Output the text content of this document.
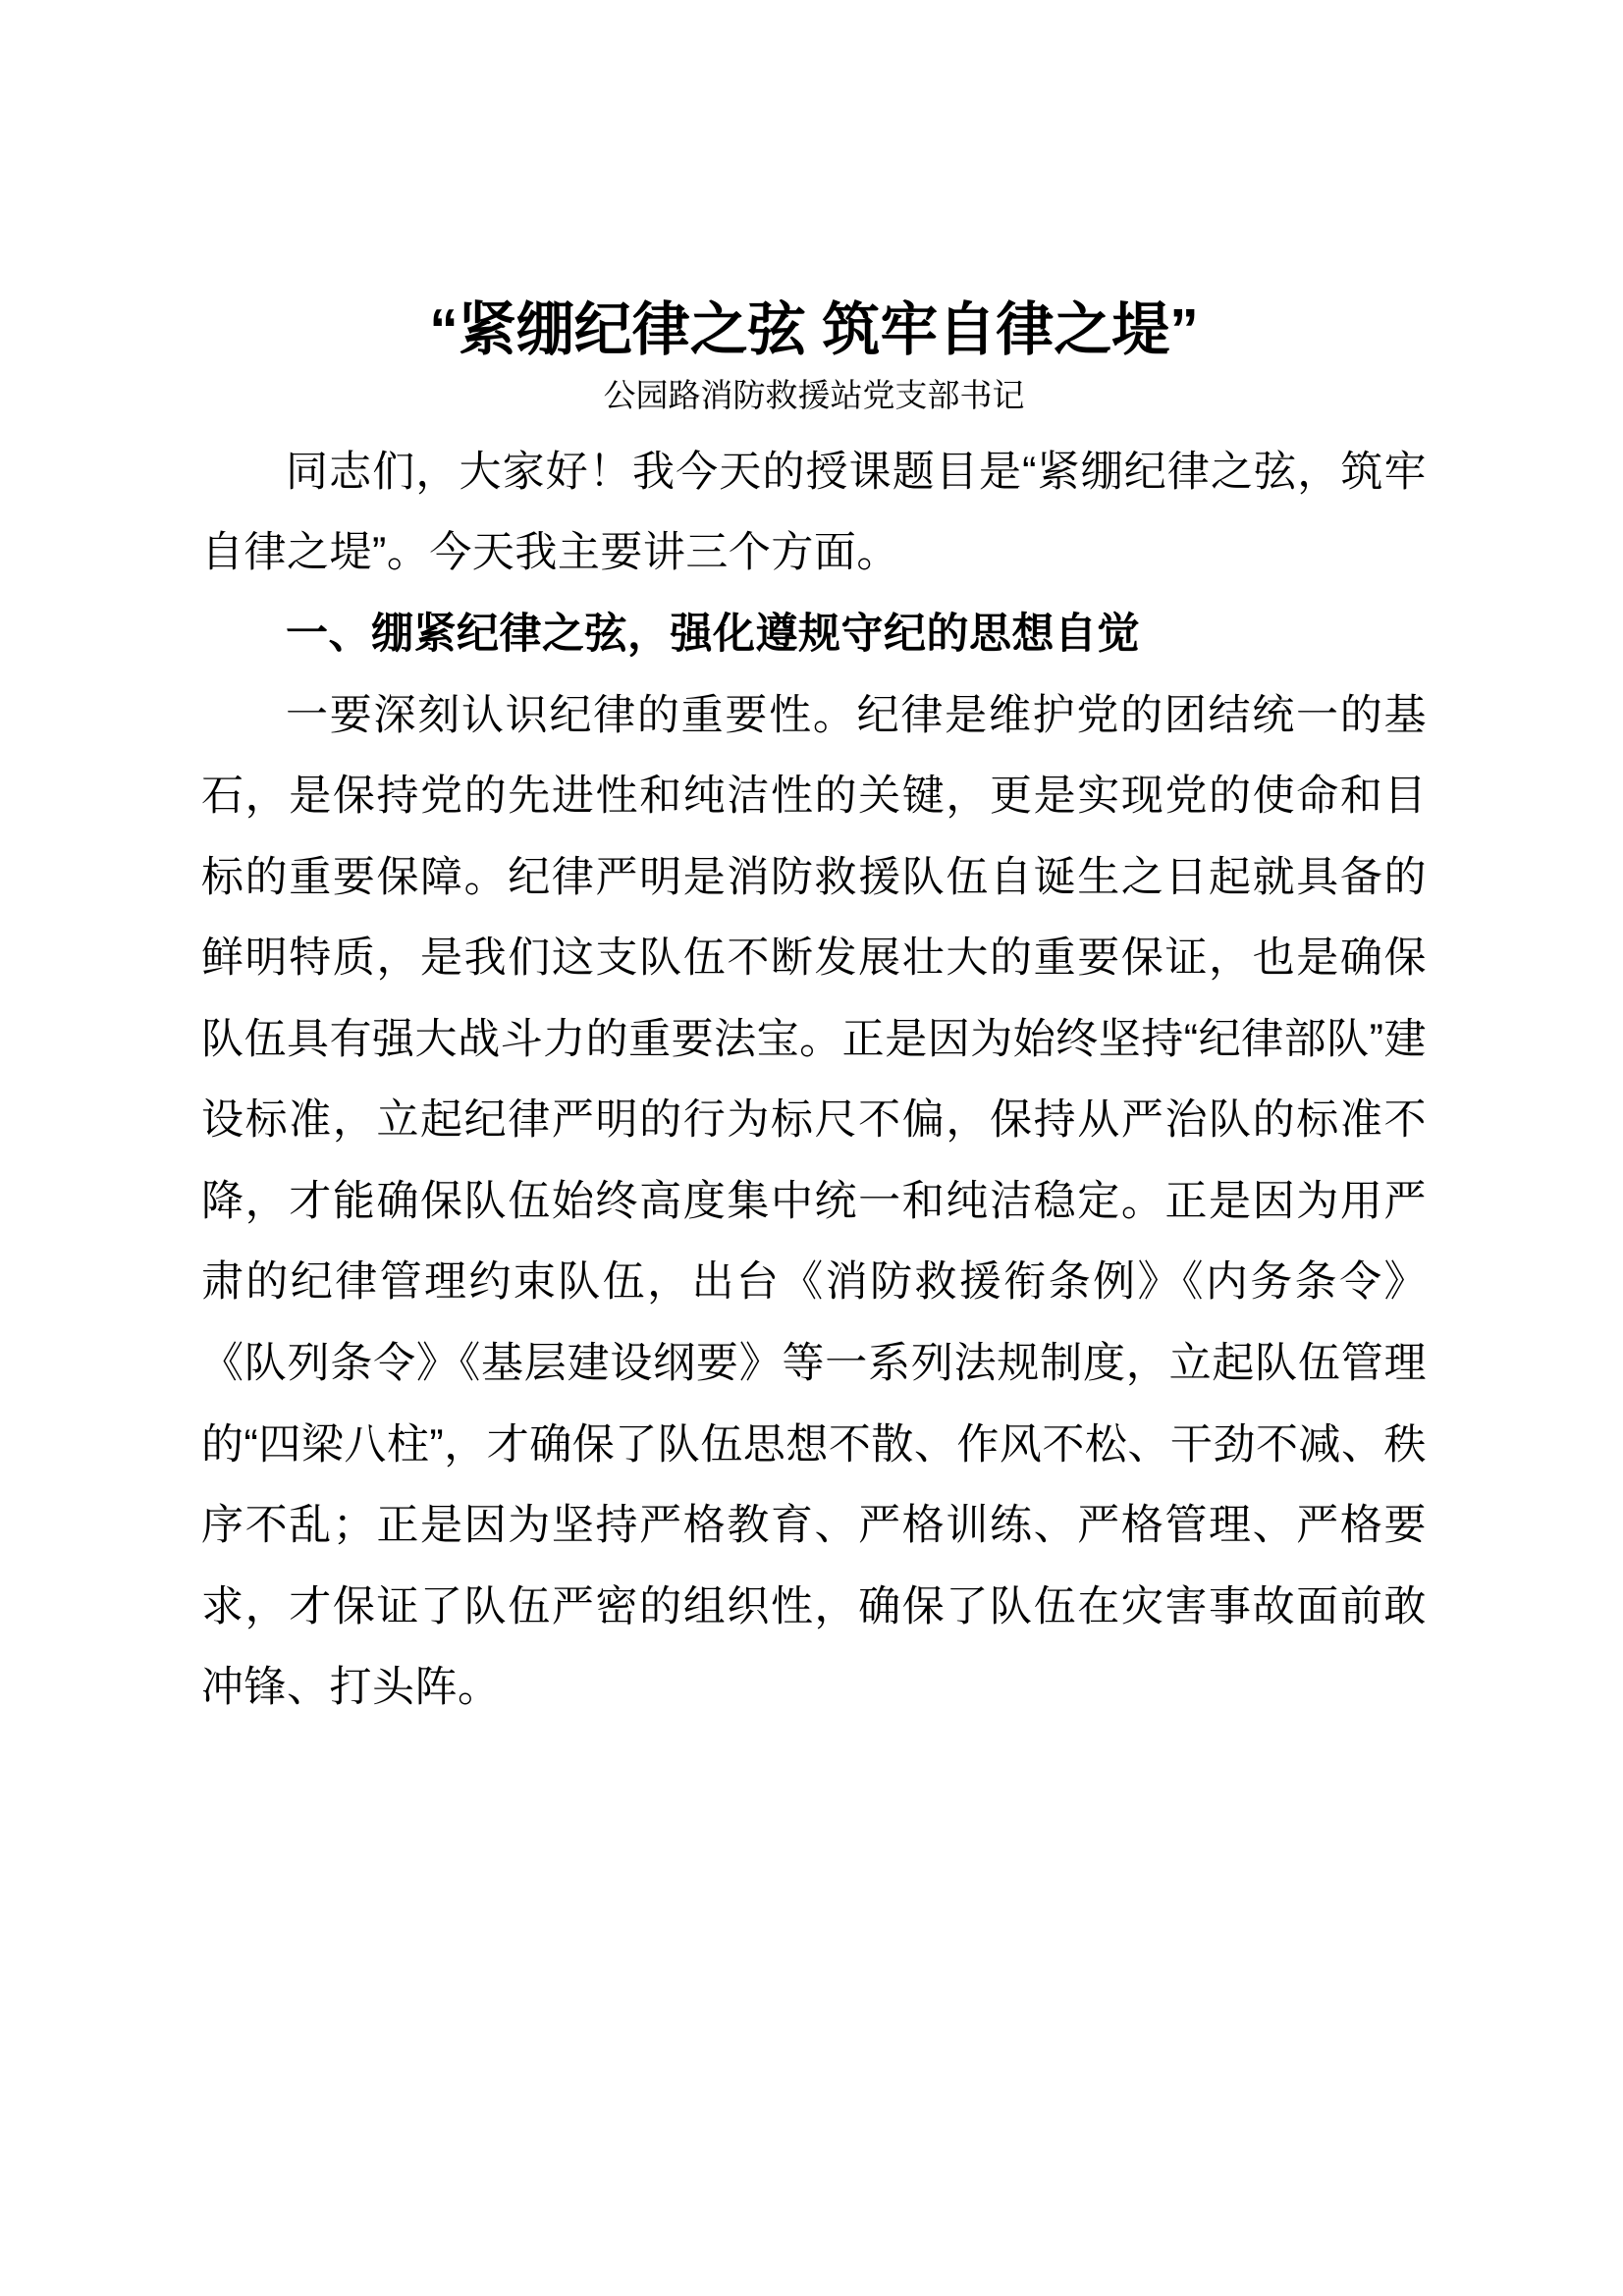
“紧绷纪律之弦 筑牢自律之堤”
公园路消防救援站党支部书记

同志们，大家好！我今天的授课题目是“紧绷纪律之弦，筑牢自律之堤”。今天我主要讲三个方面。

一、绷紧纪律之弦，强化遵规守纪的思想自觉

一要深刻认识纪律的重要性。纪律是维护党的团结统一的基石，是保持党的先进性和纯洁性的关键，更是实现党的使命和目标的重要保障。纪律严明是消防救援队伍自诞生之日起就具备的鲜明特质，是我们这支队伍不断发展壮大的重要保证，也是确保队伍具有强大战斗力的重要法宝。正是因为始终坚持“纪律部队”建设标准，立起纪律严明的行为标尺不偏，保持从严治队的标准不降，才能确保队伍始终高度集中统一和纯洁稳定。正是因为用严肃的纪律管理约束队伍，出台《消防救援衔条例》《内务条令》《队列条令》《基层建设纲要》等一系列法规制度，立起队伍管理的“四梁八柱”，才确保了队伍思想不散、作风不松、干劲不减、秩序不乱；正是因为坚持严格教育、严格训练、严格管理、严格要求，才保证了队伍严密的组织性，确保了队伍在灾害事故面前敢冲锋、打头阵。
